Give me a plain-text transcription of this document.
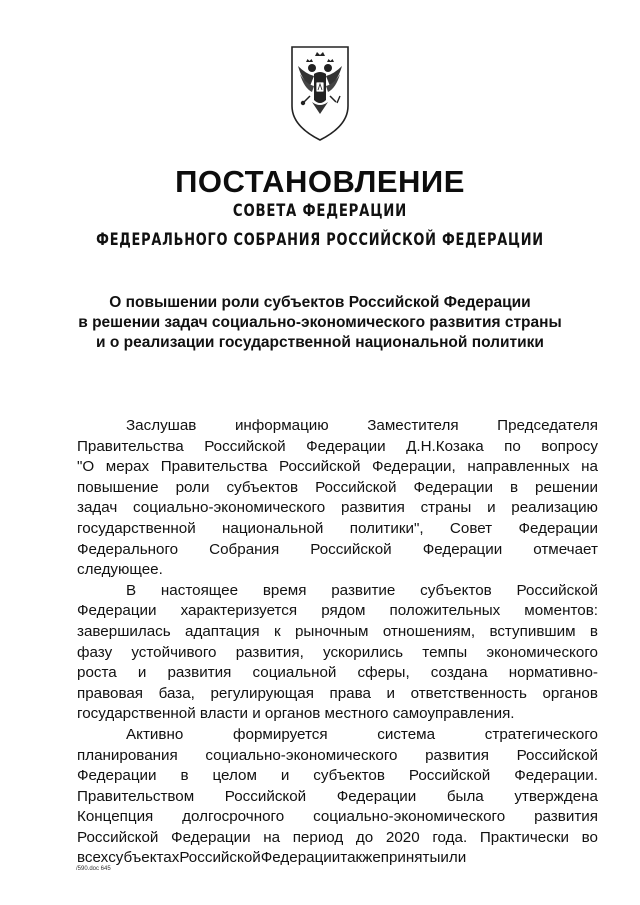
ПОСТАНОВЛЕНИЕ
СОВЕТА ФЕДЕРАЦИИ
ФЕДЕРАЛЬНОГО СОБРАНИЯ РОССИЙСКОЙ ФЕДЕРАЦИИ
О повышении роли субъектов Российской Федерации
в решении задач социально-экономического развития страны
и о реализации государственной национальной политики
Заслушав	информацию	Заместителя	Председателя
Правительства Российской Федерации Д.Н.Козака по вопросу
"О мерах Правительства Российской Федерации, направленных на
повышение роли субъектов Российской Федерации в решении
задач социально-экономического развития страны и реализацию
государственной национальной политики", Совет Федерации
Федерального Собрания Российской Федерации отмечает
следующее.
В настоящее время развитие субъектов Российской
Федерации характеризуется рядом положительных моментов:
завершилась адаптация к рыночным отношениям, вступившим в
фазу устойчивого развития, ускорились темпы экономического
роста и развития социальной сферы, создана нормативно-
правовая база, регулирующая права и ответственность органов
государственной власти и органов местного самоуправления.
Активно	формируется	система	стратегического
планирования социально-экономического развития Российской
Федерации в целом и субъектов Российской Федерации.
Правительством Российской Федерации была утверждена
Концепция долгосрочного социально-экономического развития
Российской Федерации на период до 2020 года. Практически во
всех субъектах Российской Федерации также приняты или
/590.doc 645
